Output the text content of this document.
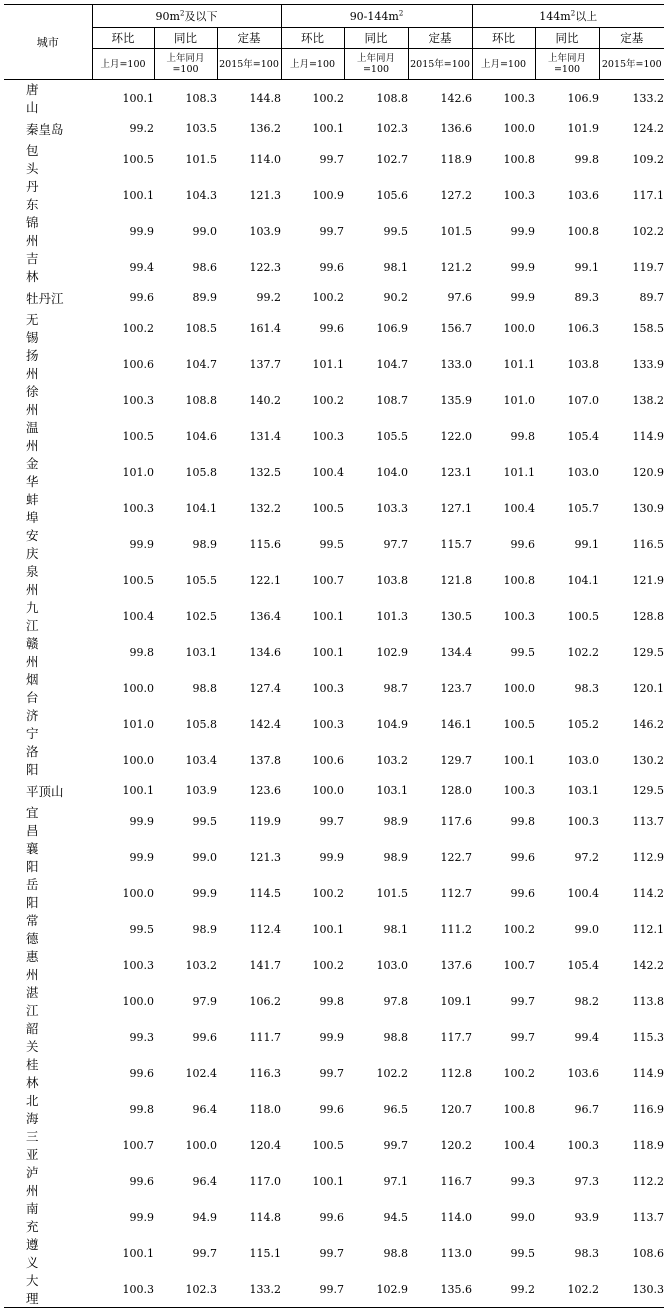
城市	$90m^2$及以下			$90-144m^2$			$144m^2$以上		
	环比	同比	定基	环比	同比	定基	环比	同比	定基
	上月=100	上年同月=100	2015年=100	上月=100	上年同月=100	2015年=100	上月=100	上年同月=100	2015年=100
唐山	100.1	108.3	144.8	100.2	108.8	142.6	100.3	106.9	133.2
秦皇岛	99.2	103.5	136.2	100.1	102.3	136.6	100.0	101.9	124.2
包头	100.5	101.5	114.0	99.7	102.7	118.9	100.8	99.8	109.2
丹东	100.1	104.3	121.3	100.9	105.6	127.2	100.3	103.6	117.1
锦州	99.9	99.0	103.9	99.7	99.5	101.5	99.9	100.8	102.2
吉林	99.4	98.6	122.3	99.6	98.1	121.2	99.9	99.1	119.7
牡丹江	99.6	89.9	99.2	100.2	90.2	97.6	99.9	89.3	89.7
无锡	100.2	108.5	161.4	99.6	106.9	156.7	100.0	106.3	158.5
扬州	100.6	104.7	137.7	101.1	104.7	133.0	101.1	103.8	133.9
徐州	100.3	108.8	140.2	100.2	108.7	135.9	101.0	107.0	138.2
温州	100.5	104.6	131.4	100.3	105.5	122.0	99.8	105.4	114.9
金华	101.0	105.8	132.5	100.4	104.0	123.1	101.1	103.0	120.9
蚌埠	100.3	104.1	132.2	100.5	103.3	127.1	100.4	105.7	130.9
安庆	99.9	98.9	115.6	99.5	97.7	115.7	99.6	99.1	116.5
泉州	100.5	105.5	122.1	100.7	103.8	121.8	100.8	104.1	121.9
九江	100.4	102.5	136.4	100.1	101.3	130.5	100.3	100.5	128.8
赣州	99.8	103.1	134.6	100.1	102.9	134.4	99.5	102.2	129.5
烟台	100.0	98.8	127.4	100.3	98.7	123.7	100.0	98.3	120.1
济宁	101.0	105.8	142.4	100.3	104.9	146.1	100.5	105.2	146.2
洛阳	100.0	103.4	137.8	100.6	103.2	129.7	100.1	103.0	130.2
平顶山	100.1	103.9	123.6	100.0	103.1	128.0	100.3	103.1	129.5
宜昌	99.9	99.5	119.9	99.7	98.9	117.6	99.8	100.3	113.7
襄阳	99.9	99.0	121.3	99.9	98.9	122.7	99.6	97.2	112.9
岳阳	100.0	99.9	114.5	100.2	101.5	112.7	99.6	100.4	114.2
常德	99.5	98.9	112.4	100.1	98.1	111.2	100.2	99.0	112.1
惠州	100.3	103.2	141.7	100.2	103.0	137.6	100.7	105.4	142.2
湛江	100.0	97.9	106.2	99.8	97.8	109.1	99.7	98.2	113.8
韶关	99.3	99.6	111.7	99.9	98.8	117.7	99.7	99.4	115.3
桂林	99.6	102.4	116.3	99.7	102.2	112.8	100.2	103.6	114.9
北海	99.8	96.4	118.0	99.6	96.5	120.7	100.8	96.7	116.9
三亚	100.7	100.0	120.4	100.5	99.7	120.2	100.4	100.3	118.9
泸州	99.6	96.4	117.0	100.1	97.1	116.7	99.3	97.3	112.2
南充	99.9	94.9	114.8	99.6	94.5	114.0	99.0	93.9	113.7
遵义	100.1	99.7	115.1	99.7	98.8	113.0	99.5	98.3	108.6
大理	100.3	102.3	133.2	99.7	102.9	135.6	99.2	102.2	130.3
